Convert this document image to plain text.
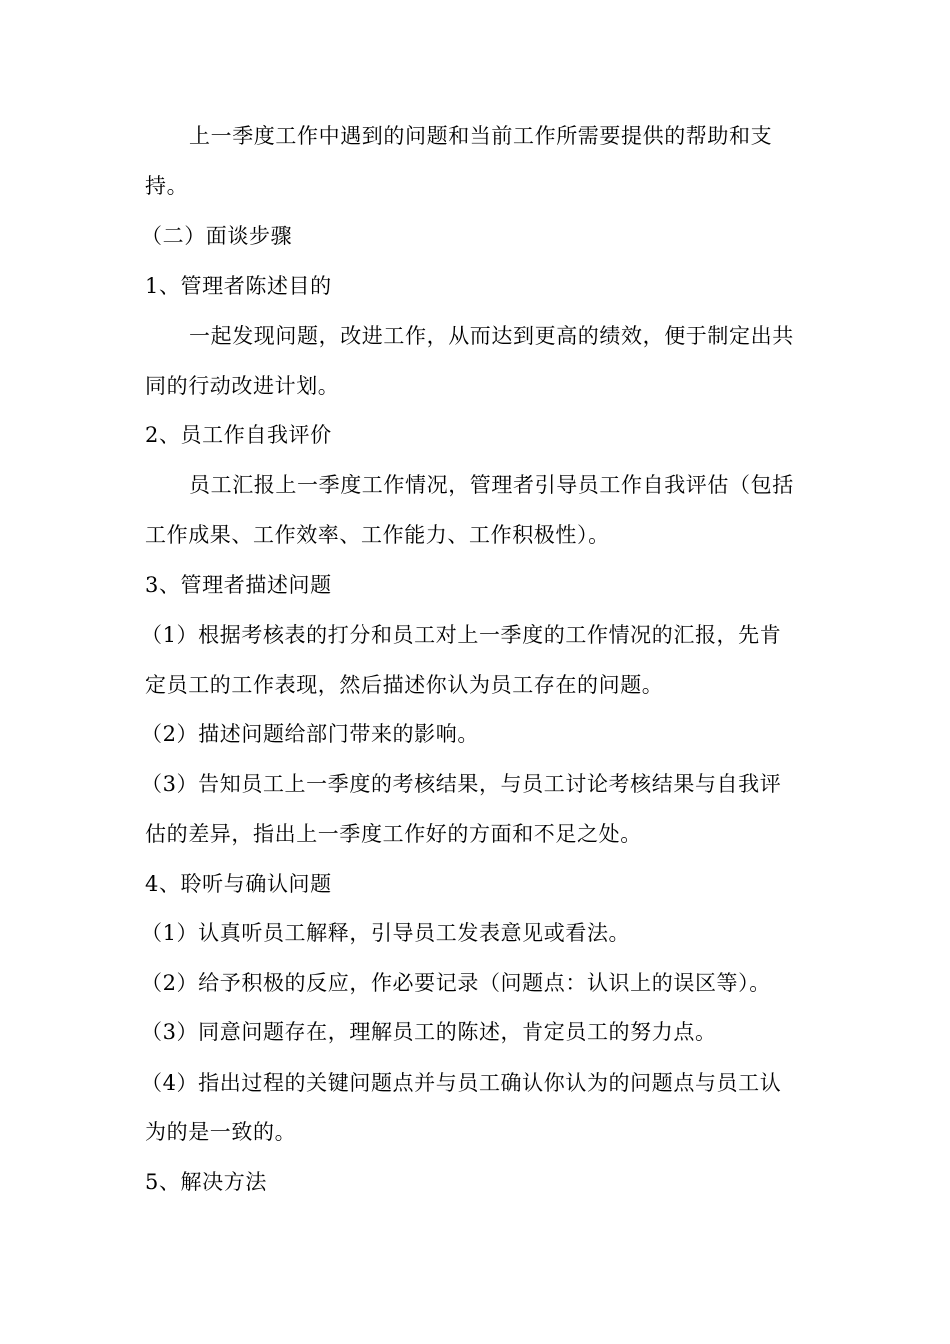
上一季度工作中遇到的问题和当前工作所需要提供的帮助和支
持。
（二）面谈步骤
1、管理者陈述目的
一起发现问题，改进工作，从而达到更高的绩效，便于制定出共
同的行动改进计划。
2、员工作自我评价
员工汇报上一季度工作情况，管理者引导员工作自我评估（包括
工作成果、工作效率、工作能力、工作积极性）。
3、管理者描述问题
（1）根据考核表的打分和员工对上一季度的工作情况的汇报，先肯
定员工的工作表现，然后描述你认为员工存在的问题。
（2）描述问题给部门带来的影响。
（3）告知员工上一季度的考核结果，与员工讨论考核结果与自我评
估的差异，指出上一季度工作好的方面和不足之处。
4、聆听与确认问题
（1）认真听员工解释，引导员工发表意见或看法。
（2）给予积极的反应，作必要记录（问题点：认识上的误区等）。
（3）同意问题存在，理解员工的陈述，肯定员工的努力点。
（4）指出过程的关键问题点并与员工确认你认为的问题点与员工认
为的是一致的。
5、解决方法
